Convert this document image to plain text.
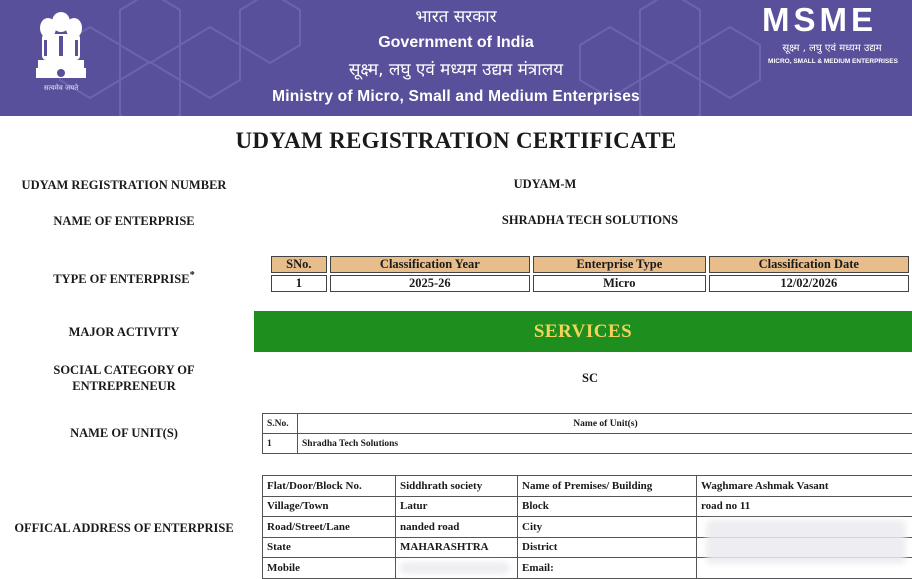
सत्यमेव जयते
भारत सरकार
Government of India
सूक्ष्म, लघु एवं मध्यम उद्यम मंत्रालय
Ministry of Micro, Small and Medium Enterprises
MSME
सूक्ष्म , लघु एवं मध्यम उद्यम
MICRO, SMALL & MEDIUM ENTERPRISES
UDYAM REGISTRATION CERTIFICATE
UDYAM REGISTRATION NUMBER	UDYAM-M
NAME OF ENTERPRISE	SHRADHA TECH SOLUTIONS
TYPE OF ENTERPRISE*
SNo.	Classification Year	Enterprise Type	Classification Date
1	2025-26	Micro	12/02/2026
MAJOR ACTIVITY	SERVICES
SOCIAL CATEGORY OF
ENTREPRENEUR
SC
NAME OF UNIT(S)
S.No.	Name of Unit(s)
1	Shradha Tech Solutions
OFFICAL ADDRESS OF ENTERPRISE
Flat/Door/Block No.	Siddhrath society	Name of Premises/ Building	Waghmare Ashmak Vasant
Village/Town	Latur	Block	road no 11
Road/Street/Lane	nanded road	City	
State	MAHARASHTRA	District	
Mobile		Email:	
